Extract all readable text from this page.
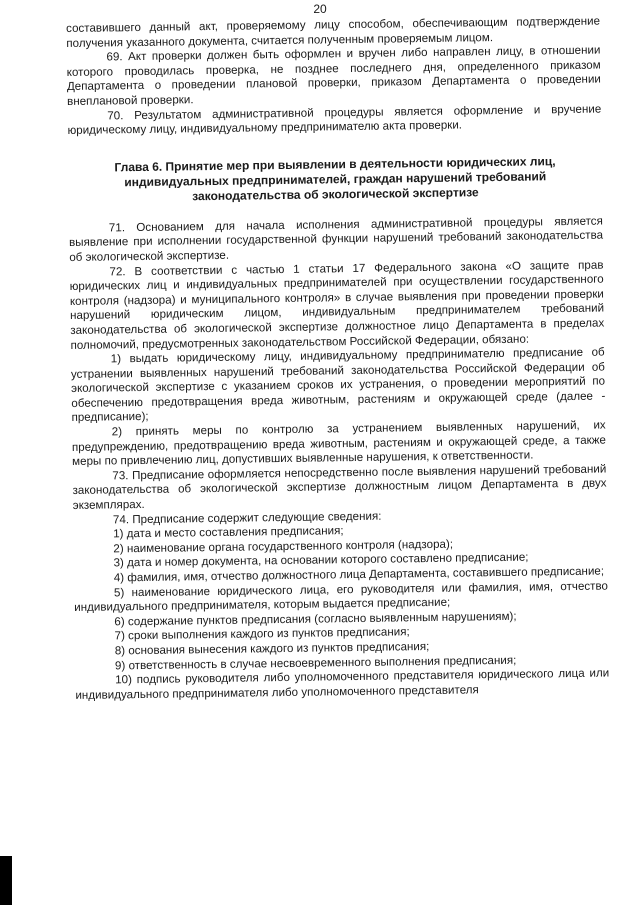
20

составившего данный акт, проверяемому лицу способом, обеспечивающим подтверждение получения указанного документа, считается полученным проверяемым лицом.

69. Акт проверки должен быть оформлен и вручен либо направлен лицу, в отношении которого проводилась проверка, не позднее последнего дня, определенного приказом Департамента о проведении плановой проверки, приказом Департамента о проведении внеплановой проверки.

70. Результатом административной процедуры является оформление и вручение юридическому лицу, индивидуальному предпринимателю акта проверки.

Глава 6. Принятие мер при выявлении в деятельности юридических лиц,
индивидуальных предпринимателей, граждан нарушений требований
законодательства об экологической экспертизе

71. Основанием для начала исполнения административной процедуры является выявление при исполнении государственной функции нарушений требований законодательства об экологической экспертизе.

72. В соответствии с частью 1 статьи 17 Федерального закона «О защите прав юридических лиц и индивидуальных предпринимателей при осуществлении государственного контроля (надзора) и муниципального контроля» в случае выявления при проведении проверки нарушений юридическим лицом, индивидуальным предпринимателем требований законодательства об экологической экспертизе должностное лицо Департамента в пределах полномочий, предусмотренных законодательством Российской Федерации, обязано:

1) выдать юридическому лицу, индивидуальному предпринимателю предписание об устранении выявленных нарушений требований законодательства Российской Федерации об экологической экспертизе с указанием сроков их устранения, о проведении мероприятий по обеспечению предотвращения вреда животным, растениям и окружающей среде (далее - предписание);

2) принять меры по контролю за устранением выявленных нарушений, их предупреждению, предотвращению вреда животным, растениям и окружающей среде, а также меры по привлечению лиц, допустивших выявленные нарушения, к ответственности.

73. Предписание оформляется непосредственно после выявления нарушений требований законодательства об экологической экспертизе должностным лицом Департамента в двух экземплярах.

74. Предписание содержит следующие сведения:

1) дата и место составления предписания;

2) наименование органа государственного контроля (надзора);

3) дата и номер документа, на основании которого составлено предписание;

4) фамилия, имя, отчество должностного лица Департамента, составившего предписание;

5) наименование юридического лица, его руководителя или фамилия, имя, отчество индивидуального предпринимателя, которым выдается предписание;

6) содержание пунктов предписания (согласно выявленным нарушениям);

7) сроки выполнения каждого из пунктов предписания;

8) основания вынесения каждого из пунктов предписания;

9) ответственность в случае несвоевременного выполнения предписания;

10) подпись руководителя либо уполномоченного представителя юридического лица или индивидуального предпринимателя либо уполномоченного представителя
